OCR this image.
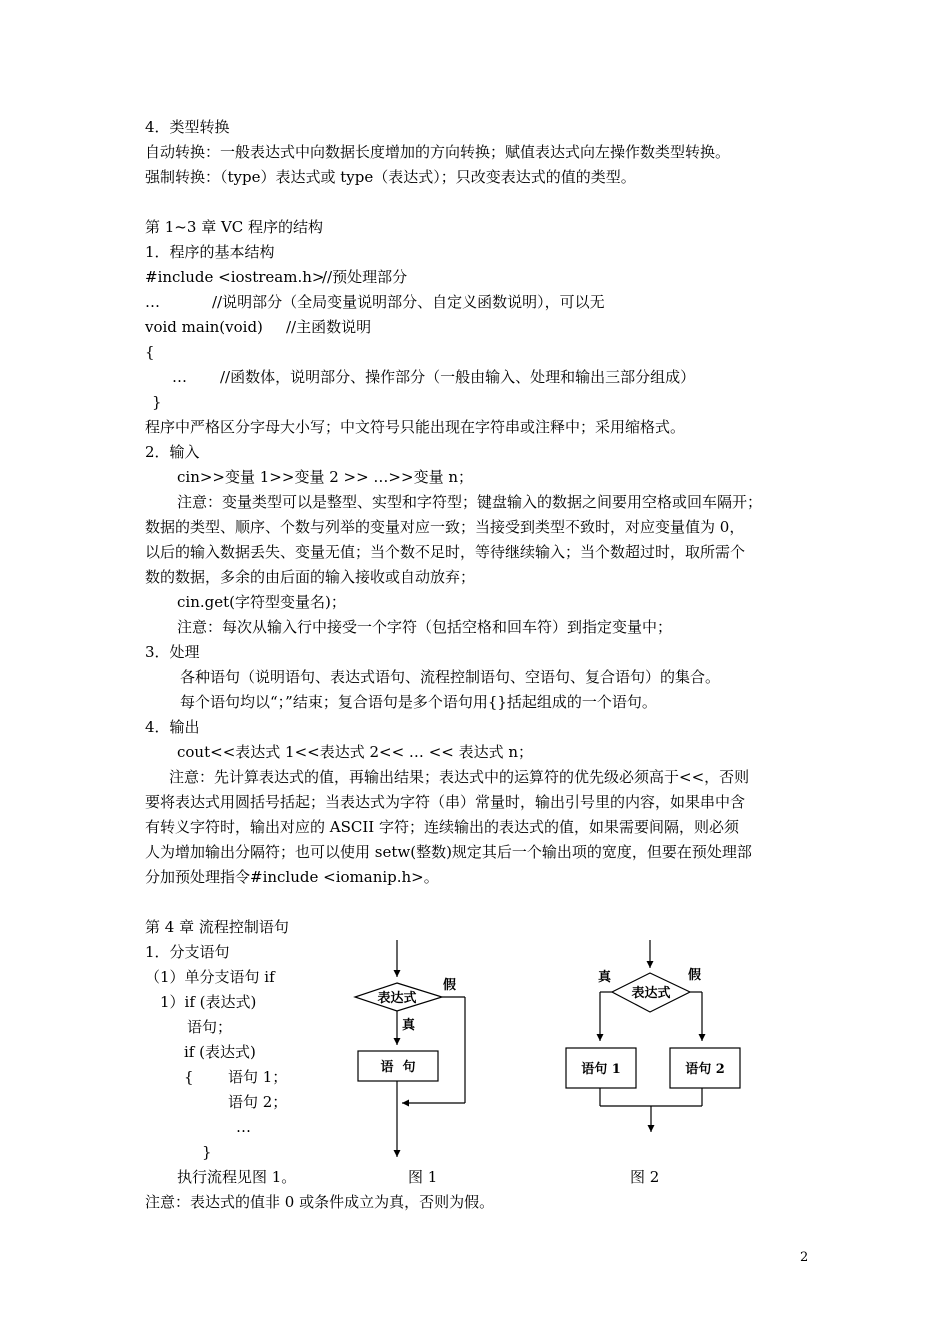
4．类型转换
自动转换：一般表达式中向数据长度增加的方向转换；赋值表达式向左操作数类型转换。
强制转换：（type）表达式或 type（表达式）；只改变表达式的值的类型。
第 1~3 章 VC 程序的结构
1．程序的基本结构
#include <iostream.h>
//预处理部分
…	//说明部分（全局变量说明部分、自定义函数说明），可以无
void main(void) //主函数说明
{
… //函数体，说明部分、操作部分（一般由输入、处理和输出三部分组成）
}
程序中严格区分字母大小写；中文符号只能出现在字符串或注释中；采用缩格式。
2．输入
cin>>变量 1>>变量 2 >> …>>变量 n；
注意：变量类型可以是整型、实型和字符型；键盘输入的数据之间要用空格或回车隔开；
数据的类型、顺序、个数与列举的变量对应一致；当接受到类型不致时，对应变量值为 0，
以后的输入数据丢失、变量无值；当个数不足时，等待继续输入；当个数超过时，取所需个
数的数据，多余的由后面的输入接收或自动放弃；
cin.get(字符型变量名)；
注意：每次从输入行中接受一个字符（包括空格和回车符）到指定变量中；
3．处理
各种语句（说明语句、表达式语句、流程控制语句、空语句、复合语句）的集合。
每个语句均以“；”结束；复合语句是多个语句用{}括起组成的一个语句。
4．输出
cout<<表达式 1<<表达式 2<< … << 表达式 n；
注意：先计算表达式的值，再输出结果；表达式中的运算符的优先级必须高于<<，否则
要将表达式用圆括号括起；当表达式为字符（串）常量时，输出引号里的内容，如果串中含
有转义字符时，输出对应的 ASCII 字符；连续输出的表达式的值，如果需要间隔，则必须
人为增加输出分隔符；也可以使用 setw(整数)规定其后一个输出项的宽度，但要在预处理部
分加预处理指令#include <iomanip.h>。
第 4 章 流程控制语句
1．分支语句
（1）单分支语句 if
1）if (表达式)
语句；
if (表达式)
{ 语句 1；
语句 2；
…
}
执行流程见图 1。	图 1	图 2
注意：表达式的值非 0 或条件成立为真，否则为假。
表达式
假
真
语  句
表达式
真	假
语句 1	语句 2
2
